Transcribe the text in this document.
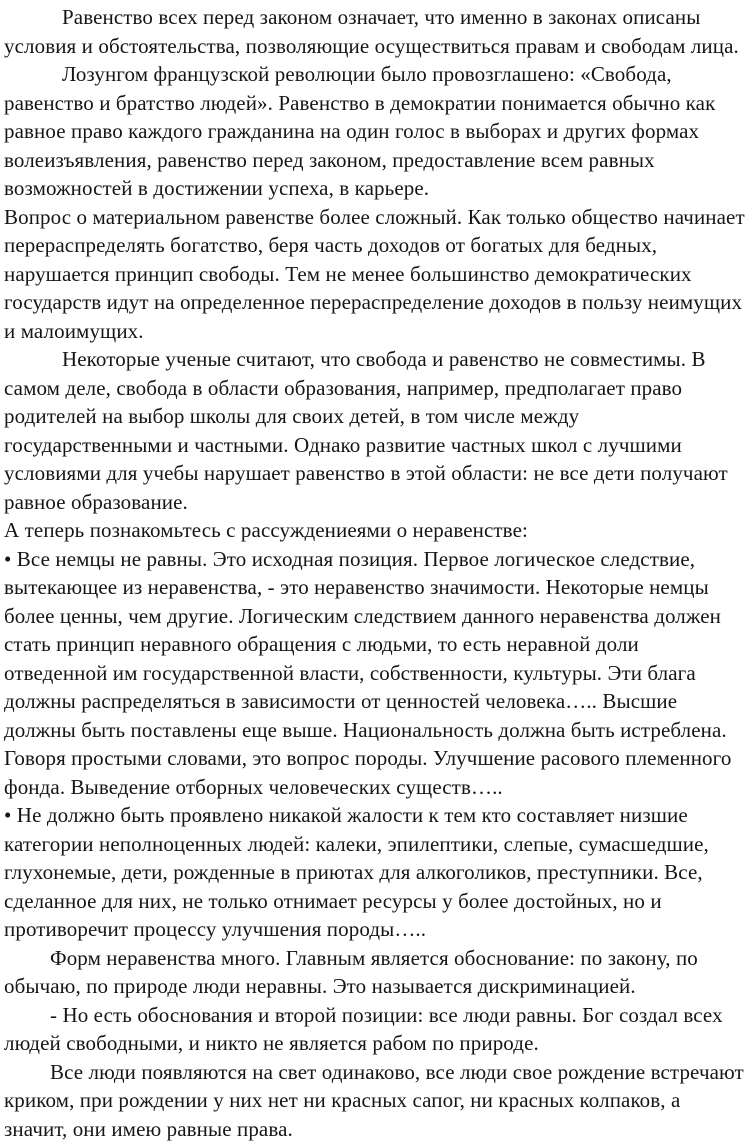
Равенство всех перед законом означает, что именно в законах описаны условия и обстоятельства, позволяющие осуществиться правам и свободам лица.

Лозунгом французской революции было провозглашено: «Свобода, равенство и братство людей». Равенство в демократии понимается обычно как равное право каждого гражданина на один голос в выборах и других формах волеизъявления, равенство перед законом, предоставление всем равных возможностей в достижении успеха, в карьере.

Вопрос о материальном равенстве более сложный. Как только общество начинает перераспределять богатство, беря часть доходов от богатых для бедных, нарушается принцип свободы. Тем не менее большинство демократических государств идут на определенное перераспределение доходов в пользу неимущих и малоимущих.

Некоторые ученые считают, что свобода и равенство не совместимы. В самом деле, свобода в области образования, например, предполагает право родителей на выбор школы для своих детей, в том числе между государственными и частными. Однако развитие частных школ с лучшими условиями для учебы нарушает равенство в этой области: не все дети получают равное образование.

А теперь познакомьтесь с рассуждениеями о неравенстве:

• Все немцы не равны. Это исходная позиция. Первое логическое следствие, вытекающее из неравенства, - это неравенство значимости. Некоторые немцы более ценны, чем другие. Логическим следствием данного неравенства должен стать принцип неравного обращения с людьми, то есть неравной доли отведенной им государственной власти, собственности, культуры. Эти блага должны распределяться в зависимости от ценностей человека….. Высшие должны быть поставлены еще выше. Национальность должна быть истреблена. Говоря простыми словами, это вопрос породы. Улучшение расового племенного фонда. Выведение отборных человеческих существ…..

• Не должно быть проявлено никакой жалости к тем кто составляет низшие категории неполноценных людей: калеки, эпилептики, слепые, сумасшедшие, глухонемые, дети, рожденные в приютах для алкоголиков, преступники. Все, сделанное для них, не только отнимает ресурсы у более достойных, но и противоречит процессу улучшения породы…..

Форм неравенства много. Главным является обоснование: по закону, по обычаю, по природе люди неравны. Это называется дискриминацией.

- Но есть обоснования и второй позиции: все люди равны. Бог создал всех людей свободными, и никто не является рабом по природе.

Все люди появляются на свет одинаково, все люди свое рождение встречают криком, при рождении у них нет ни красных сапог, ни красных колпаков, а значит, они имею равные права.
